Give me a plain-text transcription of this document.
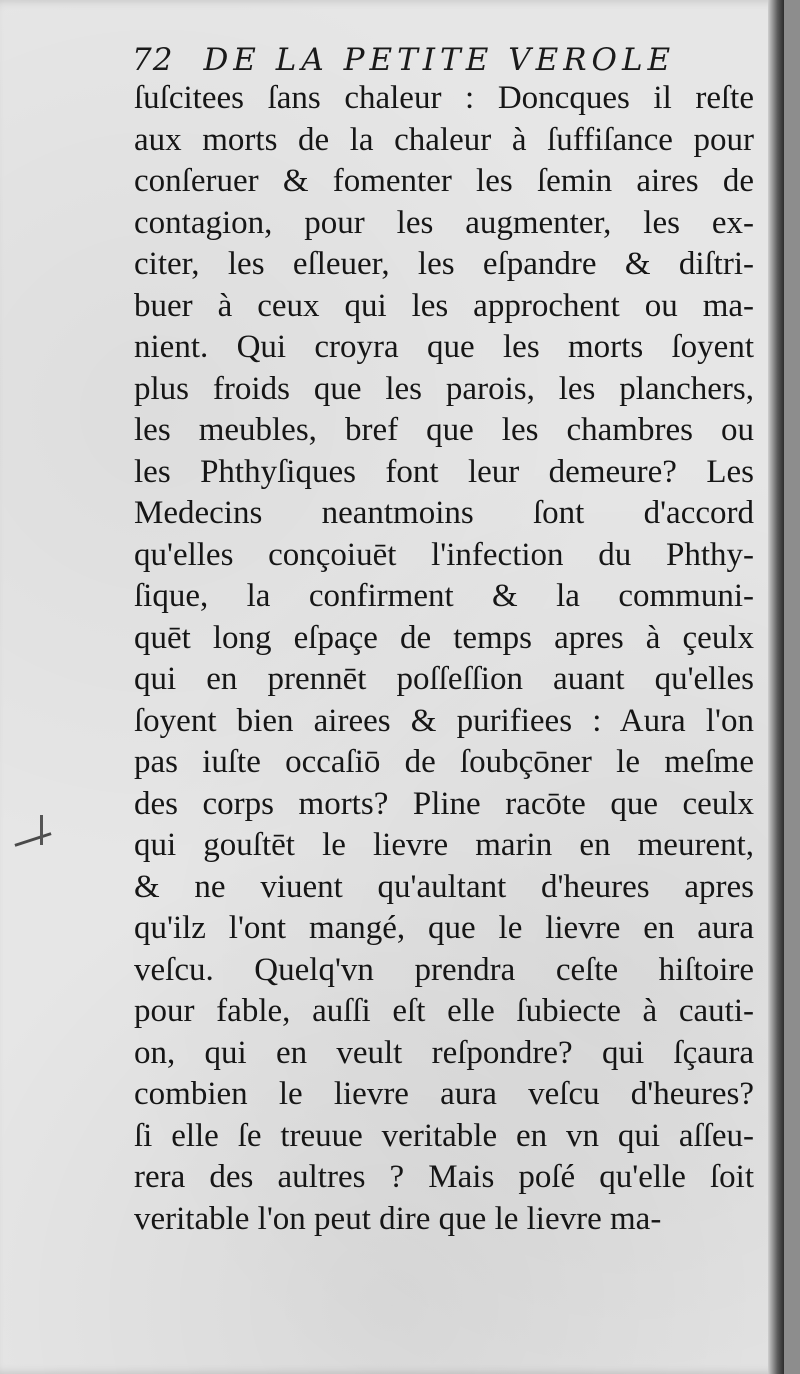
72 DE LA PETITE VEROLE
ſuſcitees ſans chaleur : Doncques il reſte
aux morts de la chaleur à ſuffiſance pour
conſeruer & fomenter les ſemin aires de
contagion, pour les augmenter, les ex-
citer, les eſleuer, les eſpandre & diſtri-
buer à ceux qui les approchent ou ma-
nient. Qui croyra que les morts ſoyent
plus froids que les parois, les planchers,
les meubles, bref que les chambres ou
les Phthyſiques font leur demeure? Les
Medecins neantmoins ſont d'accord
qu'elles conçoiuēt l'infection du Phthy-
ſique, la confirment & la communi-
quēt long eſpaçe de temps apres à çeulx
qui en prennēt poſſeſſion auant qu'elles
ſoyent bien airees & purifiees : Aura l'on
pas iuſte occaſiō de ſoubçōner le meſme
des corps morts? Pline racōte que ceulx
qui gouſtēt le lievre marin en meurent,
& ne viuent qu'aultant d'heures apres
qu'ilz l'ont mangé, que le lievre en aura
veſcu. Quelq'vn prendra ceſte hiſtoire
pour fable, auſſi eſt elle ſubiecte à cauti-
on, qui en veult reſpondre? qui ſçaura
combien le lievre aura veſcu d'heures?
ſi elle ſe treuue veritable en vn qui aſſeu-
rera des aultres ? Mais poſé qu'elle ſoit
veritable l'on peut dire que le lievre ma-
